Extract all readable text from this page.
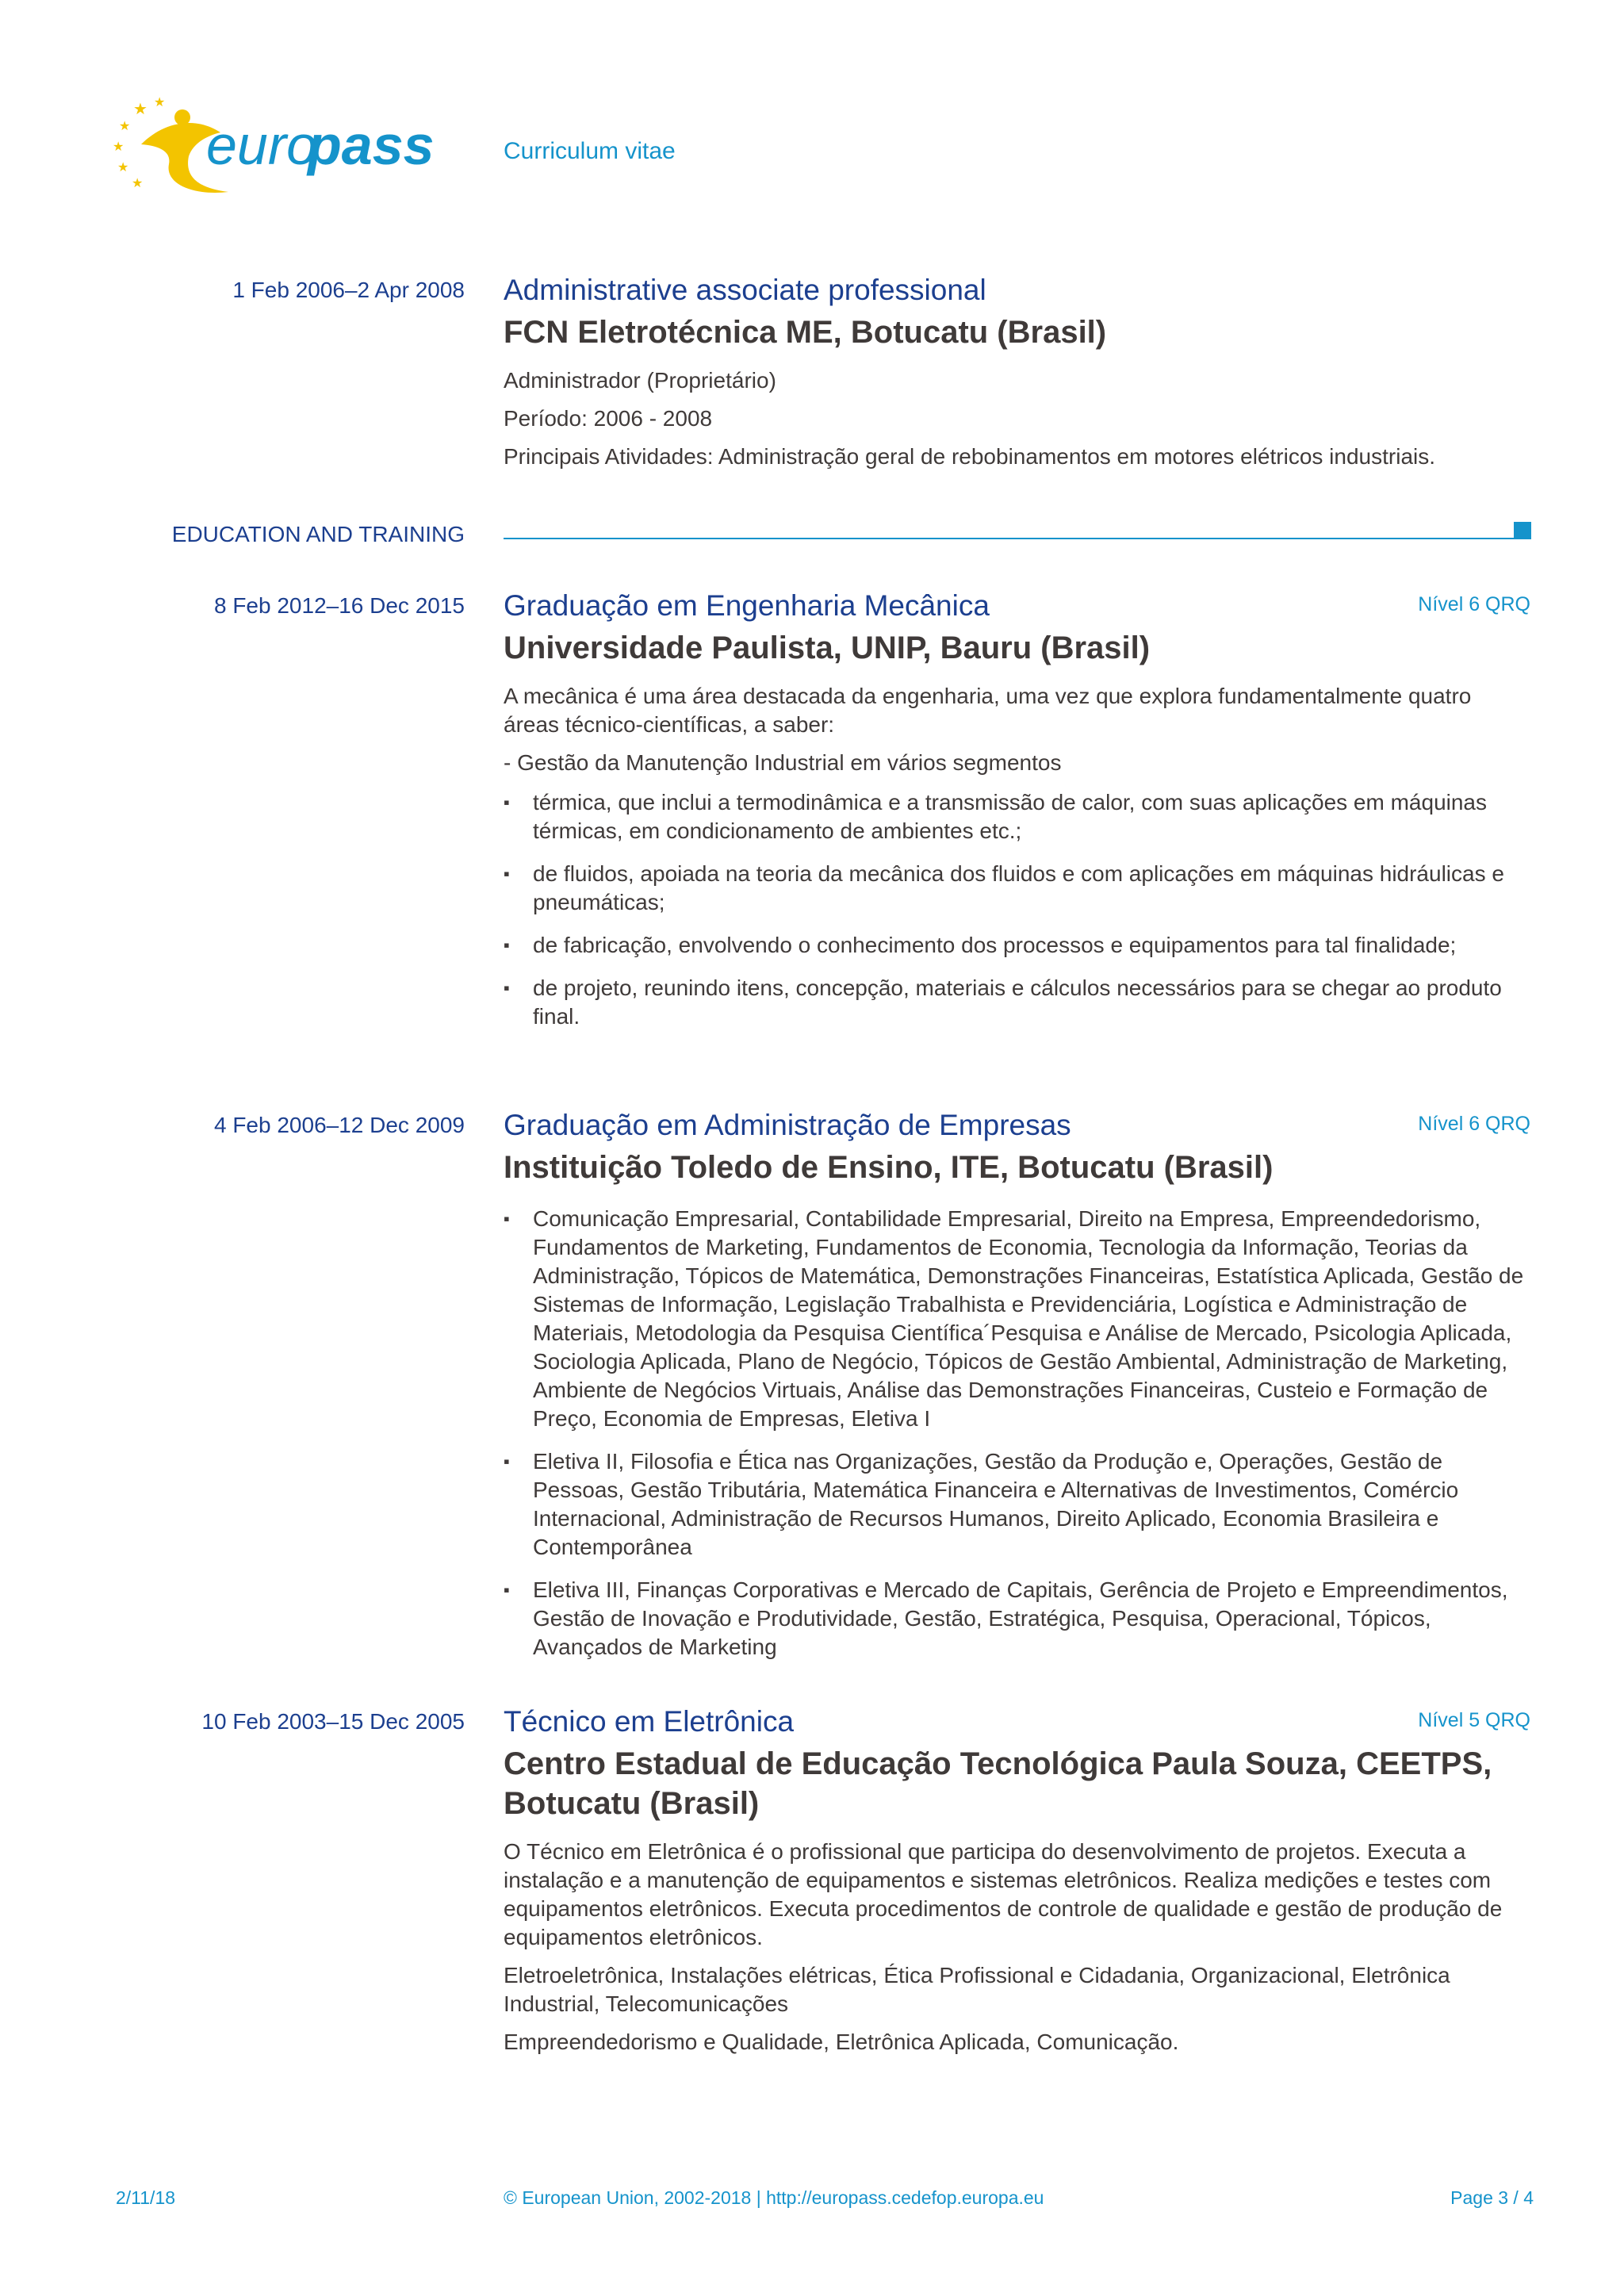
★
★
★
★
★
★
euro
pass	Curriculum vitae
1 Feb 2006–2 Apr 2008 Administrative associate professional
FCN Eletrotécnica ME, Botucatu (Brasil)
Administrador (Proprietário)
Período: 2006 - 2008
Principais Atividades: Administração geral de rebobinamentos em motores elétricos industriais.
EDUCATION AND TRAINING
8 Feb 2012–16 Dec 2015 Graduação em Engenharia Mecânica	Nível 6 QRQ
Universidade Paulista, UNIP, Bauru (Brasil)
A mecânica é uma área destacada da engenharia, uma vez que explora fundamentalmente quatro áreas técnico-científicas, a saber:
- Gestão da Manutenção Industrial em vários segmentos
▪	térmica, que inclui a termodinâmica e a transmissão de calor, com suas aplicações em máquinas térmicas, em condicionamento de ambientes etc.;
▪	de fluidos, apoiada na teoria da mecânica dos fluidos e com aplicações em máquinas hidráulicas e pneumáticas;
▪	de fabricação, envolvendo o conhecimento dos processos e equipamentos para tal finalidade;
▪	de projeto, reunindo itens, concepção, materiais e cálculos necessários para se chegar ao produto final.
4 Feb 2006–12 Dec 2009 Graduação em Administração de Empresas	Nível 6 QRQ
Instituição Toledo de Ensino, ITE, Botucatu (Brasil)
▪	Comunicação Empresarial, Contabilidade Empresarial, Direito na Empresa, Empreendedorismo, Fundamentos de Marketing, Fundamentos de Economia, Tecnologia da Informação, Teorias da Administração, Tópicos de Matemática, Demonstrações Financeiras, Estatística Aplicada, Gestão de Sistemas de Informação, Legislação Trabalhista e Previdenciária, Logística e Administração de Materiais, Metodologia da Pesquisa Científica´Pesquisa e Análise de Mercado, Psicologia Aplicada, Sociologia Aplicada, Plano de Negócio, Tópicos de Gestão Ambiental, Administração de Marketing, Ambiente de Negócios Virtuais, Análise das Demonstrações Financeiras, Custeio e Formação de Preço, Economia de Empresas, Eletiva I
▪	Eletiva II, Filosofia e Ética nas Organizações, Gestão da Produção e, Operações, Gestão de Pessoas, Gestão Tributária, Matemática Financeira e Alternativas de Investimentos, Comércio Internacional, Administração de Recursos Humanos, Direito Aplicado, Economia Brasileira e Contemporânea
▪	Eletiva III, Finanças Corporativas e Mercado de Capitais, Gerência de Projeto e Empreendimentos, Gestão de Inovação e Produtividade, Gestão, Estratégica, Pesquisa, Operacional, Tópicos, Avançados de Marketing
10 Feb 2003–15 Dec 2005 Técnico em Eletrônica	Nível 5 QRQ
Centro Estadual de Educação Tecnológica Paula Souza, CEETPS, Botucatu (Brasil)
O Técnico em Eletrônica é o profissional que participa do desenvolvimento de projetos. Executa a instalação e a manutenção de equipamentos e sistemas eletrônicos. Realiza medições e testes com equipamentos eletrônicos. Executa procedimentos de controle de qualidade e gestão de produção de equipamentos eletrônicos.
Eletroeletrônica, Instalações elétricas, Ética Profissional e Cidadania, Organizacional, Eletrônica Industrial, Telecomunicações
Empreendedorismo e Qualidade, Eletrônica Aplicada, Comunicação.
2/11/18	© European Union, 2002-2018 | http://europass.cedefop.europa.eu	Page 3 / 4
